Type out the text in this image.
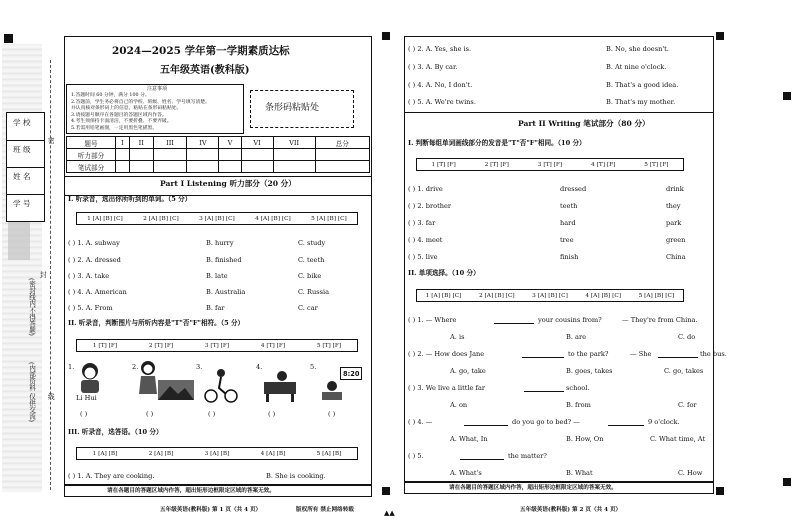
学 校
班 级
姓 名
学 号
(密封线内不得答题)
(内部资料 仅供交流)
密
封
线
2024—2025 学年第一学期素质达标
五年级英语(教科版)
注意事项
1.答题时间 60 分钟，满分 100 分。
2.答题前，学生务必将自己的学校、班级、姓名、学号填写清楚。
并认真核对条形码上的信息，粘贴在条形码粘贴处。
3.请按题号顺序在各题目的答题区域内作答。
4.考生须保持卡面清洁，不要折叠、不要弄破。
5.若需用铅笔画图，一定用黑色笔描黑。
条形码粘贴处
题号	I	II	III	IV	V	VI	VII	总分
听力部分								
笔试部分								
Part I Listening 听力部分（20 分）
I. 听录音，选出你所听到的单词。（5 分）
1 [A] [B] [C]	2 [A] [B] [C]	3 [A] [B] [C]	4 [A] [B] [C]	5 [A] [B] [C]
( ) 1. A. subway	B. hurry	C. study
( ) 2. A. dressed	B. finished	C. teeth
( ) 3. A. take	B. late	C. bike
( ) 4. A. American	B. Australia	C. Russia
( ) 5. A. From	B. far	C. car
II. 听录音，判断图片与所听内容是"T"否"F"相符。（5 分）
1 [T] [F]	2 [T] [F]	3 [T] [F]	4 [T] [F]	5 [T] [F]
1.	2.	3.	4.	5.
Li Hui
8:20
( )	( )	( )	( )	( )
III. 听录音，选答语。（10 分）
1 [A] [B]	2 [A] [B]	3 [A] [B]	4 [A] [B]	5 [A] [B]
( ) 1. A. They are cooking.	B. She is cooking.
请在各题目的答题区域内作答，超出矩形边框限定区域的答案无效。
五年级英语(教科版) 第 1 页（共 4 页）	版权所有 禁止网络转载	▲▲
( ) 2. A. Yes, she is.	B. No, she doesn't.
( ) 3. A. By car.	B. At nine o'clock.
( ) 4. A. No, I don't.	B. That's a good idea.
( ) 5. A. We're twins.	B. That's my mother.
Part II Writing 笔试部分（80 分）
I. 判断每组单词画线部分的发音是"T"否"F"相同。（10 分）
1 [T] [F]	2 [T] [F]	3 [T] [F]	4 [T] [F]	5 [T] [F]
( ) 1. drive	dressed	drink
( ) 2. brother	teeth	they
( ) 3. far	hard	park
( ) 4. meet	tree	green
( ) 5. live	finish	China
II. 单项选择。（10 分）
1 [A] [B] [C]	2 [A] [B] [C]	3 [A] [B] [C]	4 [A] [B] [C]	5 [A] [B] [C]
( ) 1. — Where	your cousins from?	— They're from China.
A. is	B. are	C. do
( ) 2. — How does Jane	to the park?	— She	the bus.
A. go, take	B. goes, takes	C. go, takes
( ) 3. We live a little far	school.
A. on	B. from	C. for
( ) 4. —	do you go to bed? —	9 o'clock.
A. What, In	B. How, On	C. What time, At
( ) 5.	the matter?
A. What's	B. What	C. How
请在各题目的答题区域内作答，超出矩形边框限定区域的答案无效。
五年级英语(教科版) 第 2 页（共 4 页）
